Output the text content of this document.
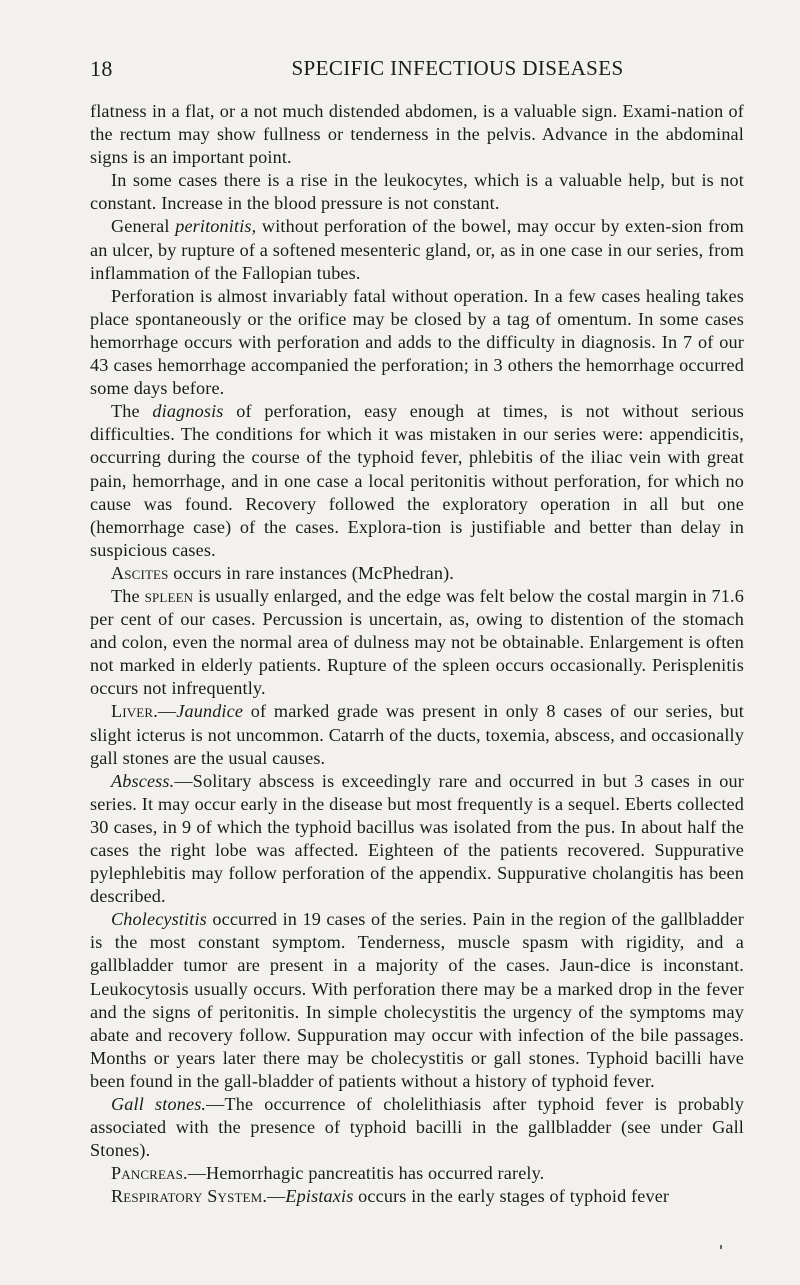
18	SPECIFIC INFECTIOUS DISEASES

flatness in a flat, or a not much distended abdomen, is a valuable sign. Exami-nation of the rectum may show fullness or tenderness in the pelvis. Advance in the abdominal signs is an important point.

In some cases there is a rise in the leukocytes, which is a valuable help, but is not constant. Increase in the blood pressure is not constant.

General peritonitis, without perforation of the bowel, may occur by exten-sion from an ulcer, by rupture of a softened mesenteric gland, or, as in one case in our series, from inflammation of the Fallopian tubes.

Perforation is almost invariably fatal without operation. In a few cases healing takes place spontaneously or the orifice may be closed by a tag of omentum. In some cases hemorrhage occurs with perforation and adds to the difficulty in diagnosis. In 7 of our 43 cases hemorrhage accompanied the perforation; in 3 others the hemorrhage occurred some days before.

The diagnosis of perforation, easy enough at times, is not without serious difficulties. The conditions for which it was mistaken in our series were: appendicitis, occurring during the course of the typhoid fever, phlebitis of the iliac vein with great pain, hemorrhage, and in one case a local peritonitis without perforation, for which no cause was found. Recovery followed the exploratory operation in all but one (hemorrhage case) of the cases. Explora-tion is justifiable and better than delay in suspicious cases.

Ascites occurs in rare instances (McPhedran).

The spleen is usually enlarged, and the edge was felt below the costal margin in 71.6 per cent of our cases. Percussion is uncertain, as, owing to distention of the stomach and colon, even the normal area of dulness may not be obtainable. Enlargement is often not marked in elderly patients. Rupture of the spleen occurs occasionally. Perisplenitis occurs not infrequently.

Liver.—Jaundice of marked grade was present in only 8 cases of our series, but slight icterus is not uncommon. Catarrh of the ducts, toxemia, abscess, and occasionally gall stones are the usual causes.

Abscess.—Solitary abscess is exceedingly rare and occurred in but 3 cases in our series. It may occur early in the disease but most frequently is a sequel. Eberts collected 30 cases, in 9 of which the typhoid bacillus was isolated from the pus. In about half the cases the right lobe was affected. Eighteen of the patients recovered. Suppurative pylephlebitis may follow perforation of the appendix. Suppurative cholangitis has been described.

Cholecystitis occurred in 19 cases of the series. Pain in the region of the gallbladder is the most constant symptom. Tenderness, muscle spasm with rigidity, and a gallbladder tumor are present in a majority of the cases. Jaun-dice is inconstant. Leukocytosis usually occurs. With perforation there may be a marked drop in the fever and the signs of peritonitis. In simple cholecystitis the urgency of the symptoms may abate and recovery follow. Suppuration may occur with infection of the bile passages. Months or years later there may be cholecystitis or gall stones. Typhoid bacilli have been found in the gall-bladder of patients without a history of typhoid fever.

Gall stones.—The occurrence of cholelithiasis after typhoid fever is probably associated with the presence of typhoid bacilli in the gallbladder (see under Gall Stones).

Pancreas.—Hemorrhagic pancreatitis has occurred rarely.

Respiratory System.—Epistaxis occurs in the early stages of typhoid fever
